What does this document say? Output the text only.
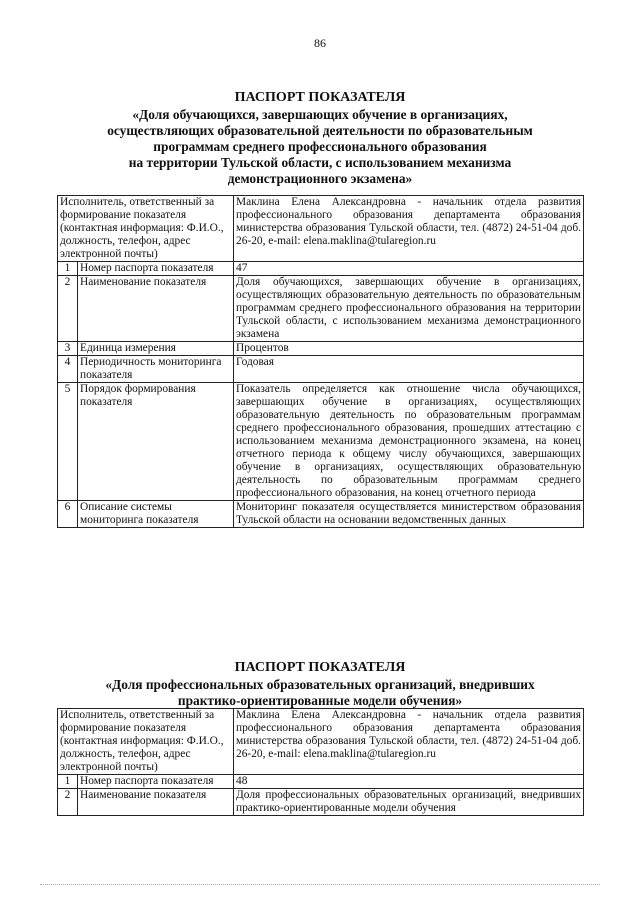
86
ПАСПОРТ ПОКАЗАТЕЛЯ
«Доля обучающихся, завершающих обучение в организациях,
осуществляющих образовательной деятельности по образовательным
программам среднего профессионального образования
на территории Тульской области, с использованием механизма
демонстрационного экзамена»
Исполнитель, ответственный за формирование показателя (контактная информация: Ф.И.О., должность, телефон, адрес электронной почты)		Маклина Елена Александровна - начальник отдела развития профессионального образования департамента образования министерства образования Тульской области, тел. (4872) 24-51-04 доб. 26-20, e-mail: elena.maklina@tularegion.ru
1	Номер паспорта показателя	47
2	Наименование показателя	Доля обучающихся, завершающих обучение в организациях, осуществляющих образовательную деятельность по образовательным программам среднего профессионального образования на территории Тульской области, с использованием механизма демонстрационного экзамена
3	Единица измерения	Процентов
4	Периодичность мониторинга показателя	Годовая
5	Порядок формирования показателя	Показатель определяется как отношение числа обучающихся, завершающих обучение в организациях, осуществляющих образовательную деятельность по образовательным программам среднего профессионального образования, прошедших аттестацию с использованием механизма демонстрационного экзамена, на конец отчетного периода к общему числу обучающихся, завершающих обучение в организациях, осуществляющих образовательную деятельность по образовательным программам среднего профессионального образования, на конец отчетного периода
6	Описание системы мониторинга показателя	Мониторинг показателя осуществляется министерством образования Тульской области на основании ведомственных данных
ПАСПОРТ ПОКАЗАТЕЛЯ
«Доля профессиональных образовательных организаций, внедривших
практико-ориентированные модели обучения»
Исполнитель, ответственный за формирование показателя (контактная информация: Ф.И.О., должность, телефон, адрес электронной почты)		Маклина Елена Александровна - начальник отдела развития профессионального образования департамента образования министерства образования Тульской области, тел. (4872) 24-51-04 доб. 26-20, e-mail: elena.maklina@tularegion.ru
1	Номер паспорта показателя	48
2	Наименование показателя	Доля профессиональных образовательных организаций, внедривших практико-ориентированные модели обучения
